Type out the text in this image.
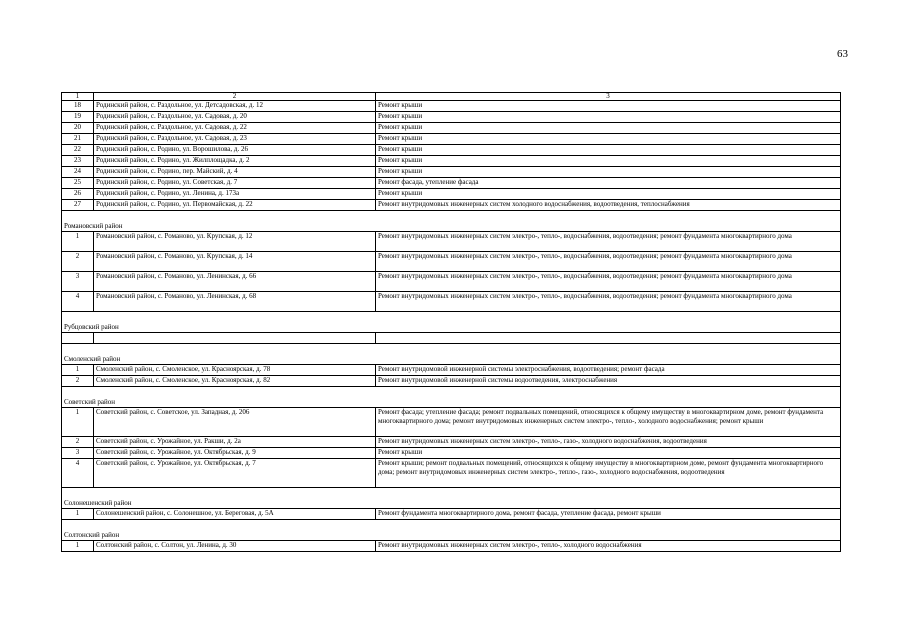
63
1	2	3
18	Родинский район, с. Раздольное, ул. Детсадовская, д. 12	Ремонт крыши
19	Родинский район, с. Раздольное, ул. Садовая, д. 20	Ремонт крыши
20	Родинский район, с. Раздольное, ул. Садовая, д. 22	Ремонт крыши
21	Родинский район, с. Раздольное, ул. Садовая, д. 23	Ремонт крыши
22	Родинский район, с. Родино, ул. Ворошилова, д. 26	Ремонт крыши
23	Родинский район, с. Родино, ул. Жилплощадка, д. 2	Ремонт крыши
24	Родинский район, с. Родино, пер. Майский, д. 4	Ремонт крыши
25	Родинский район, с. Родино, ул. Советская, д. 7	Ремонт фасада, утепление фасада
26	Родинский район, с. Родино, ул. Ленина, д. 173а	Ремонт крыши
27	Родинский район, с. Родино, ул. Первомайская, д. 22	Ремонт внутридомовых инженерных систем холодного водоснабжения, водоотведения, теплоснабжения
Романовский район		
1	Романовский район, с. Романово, ул. Крупская, д. 12	Ремонт внутридомовых инженерных систем электро-, тепло-, водоснабжения, водоотведения; ремонт фундамента многоквартирного дома
2	Романовский район, с. Романово, ул. Крупская, д. 14	Ремонт внутридомовых инженерных систем электро-, тепло-, водоснабжения, водоотведения; ремонт фундамента многоквартирного дома
3	Романовский район, с. Романово, ул. Ленинская, д. 66	Ремонт внутридомовых инженерных систем электро-, тепло-, водоснабжения, водоотведения; ремонт фундамента многоквартирного дома
4	Романовский район, с. Романово, ул. Ленинская, д. 68	Ремонт внутридомовых инженерных систем электро-, тепло-, водоснабжения, водоотведения; ремонт фундамента многоквартирного дома
Рубцовский район		

Смоленский район		
1	Смоленский район, с. Смоленское, ул. Красноярская, д. 78	Ремонт внутридомовой инженерной системы электроснабжения, водоотведения; ремонт фасада
2	Смоленский район, с. Смоленское, ул. Красноярская, д. 82	Ремонт внутридомовой инженерной системы водоотведения, электроснабжения
Советский район		
1	Советский район, с. Советское, ул. Западная, д. 206	Ремонт фасада; утепление фасада; ремонт подвальных помещений, относящихся к общему имуществу в многоквартирном доме, ремонт фундамента многоквартирного дома; ремонт внутридомовых инженерных систем электро-, тепло-, холодного водоснабжения; ремонт крыши
2	Советский район, с. Урожайное, ул. Ракши, д. 2а	Ремонт внутридомовых инженерных систем электро-, тепло-, газо-, холодного водоснабжения, водоотведения
3	Советский район, с. Урожайное, ул. Октябрьская, д. 9	Ремонт крыши
4	Советский район, с. Урожайное, ул. Октябрьская, д. 7	Ремонт крыши; ремонт подвальных помещений, относящихся к общему имуществу в многоквартирном доме, ремонт фундамента многоквартирного дома; ремонт внутридомовых инженерных систем электро-, тепло-, газо-, холодного водоснабжения, водоотведения
Солонешенский район		
1	Солонешенский район, с. Солонешное, ул. Береговая, д. 5А	Ремонт фундамента многоквартирного дома, ремонт фасада, утепление фасада, ремонт крыши
Солтонский район		
1	Солтонский район, с. Солтон, ул. Ленина, д. 30	Ремонт внутридомовых инженерных систем электро-, тепло-, холодного водоснабжения
